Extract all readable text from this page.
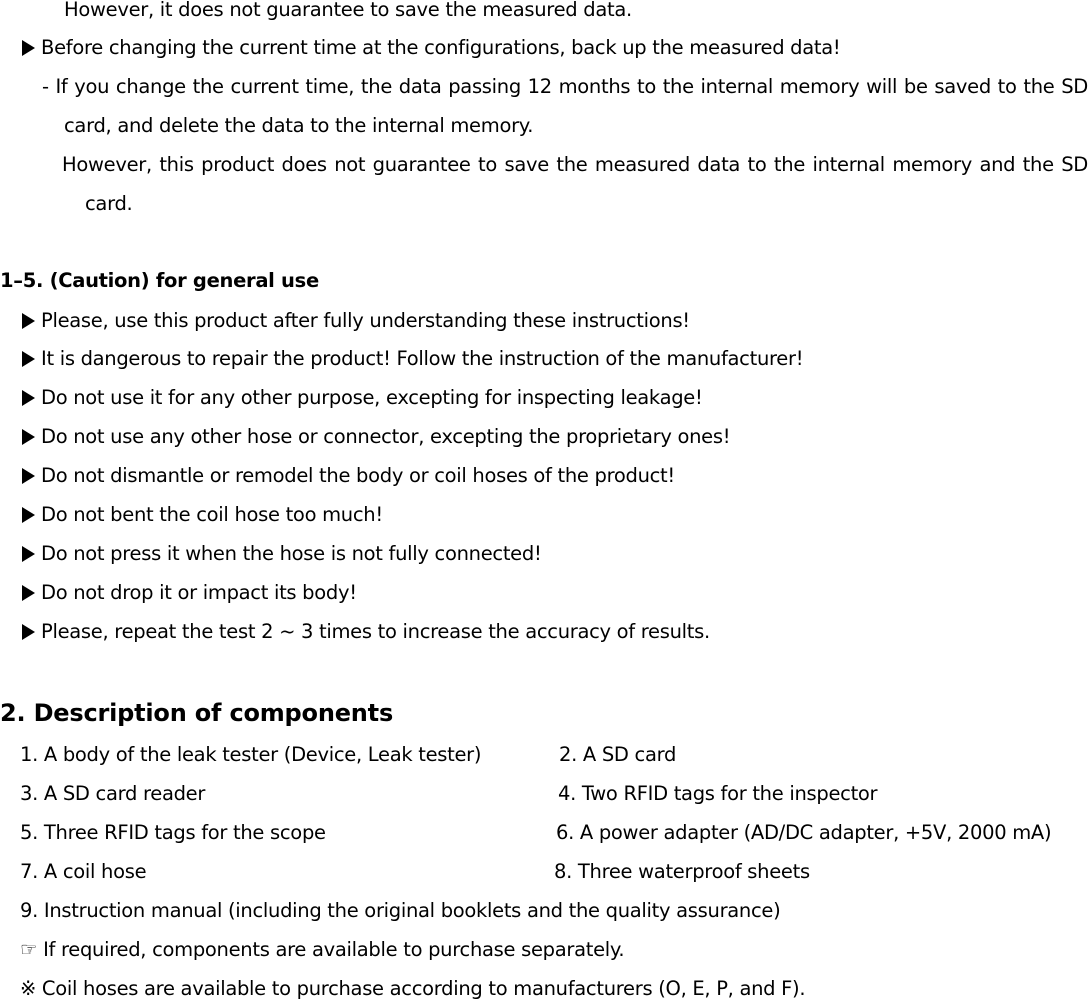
However, it does not guarantee to save the measured data.
Before changing the current time at the configurations, back up the measured data!
- If you change the current time, the data passing 12 months to the internal memory will be saved to the SD
card, and delete the data to the internal memory.
However, this product does not guarantee to save the measured data to the internal memory and the SD
card.
1–5. (Caution) for general use
Please, use this product after fully understanding these instructions!
It is dangerous to repair the product! Follow the instruction of the manufacturer!
Do not use it for any other purpose, excepting for inspecting leakage!
Do not use any other hose or connector, excepting the proprietary ones!
Do not dismantle or remodel the body or coil hoses of the product!
Do not bent the coil hose too much!
Do not press it when the hose is not fully connected!
Do not drop it or impact its body!
Please, repeat the test 2 ~ 3 times to increase the accuracy of results.
2. Description of components
1. A body of the leak tester (Device, Leak tester)	2. A SD card
3. A SD card reader	4. Two RFID tags for the inspector
5. Three RFID tags for the scope	6. A power adapter (AD/DC adapter, +5V, 2000 mA)
7. A coil hose	8. Three waterproof sheets
9. Instruction manual (including the original booklets and the quality assurance)
☞ If required, components are available to purchase separately.
※ Coil hoses are available to purchase according to manufacturers (O, E, P, and F).
